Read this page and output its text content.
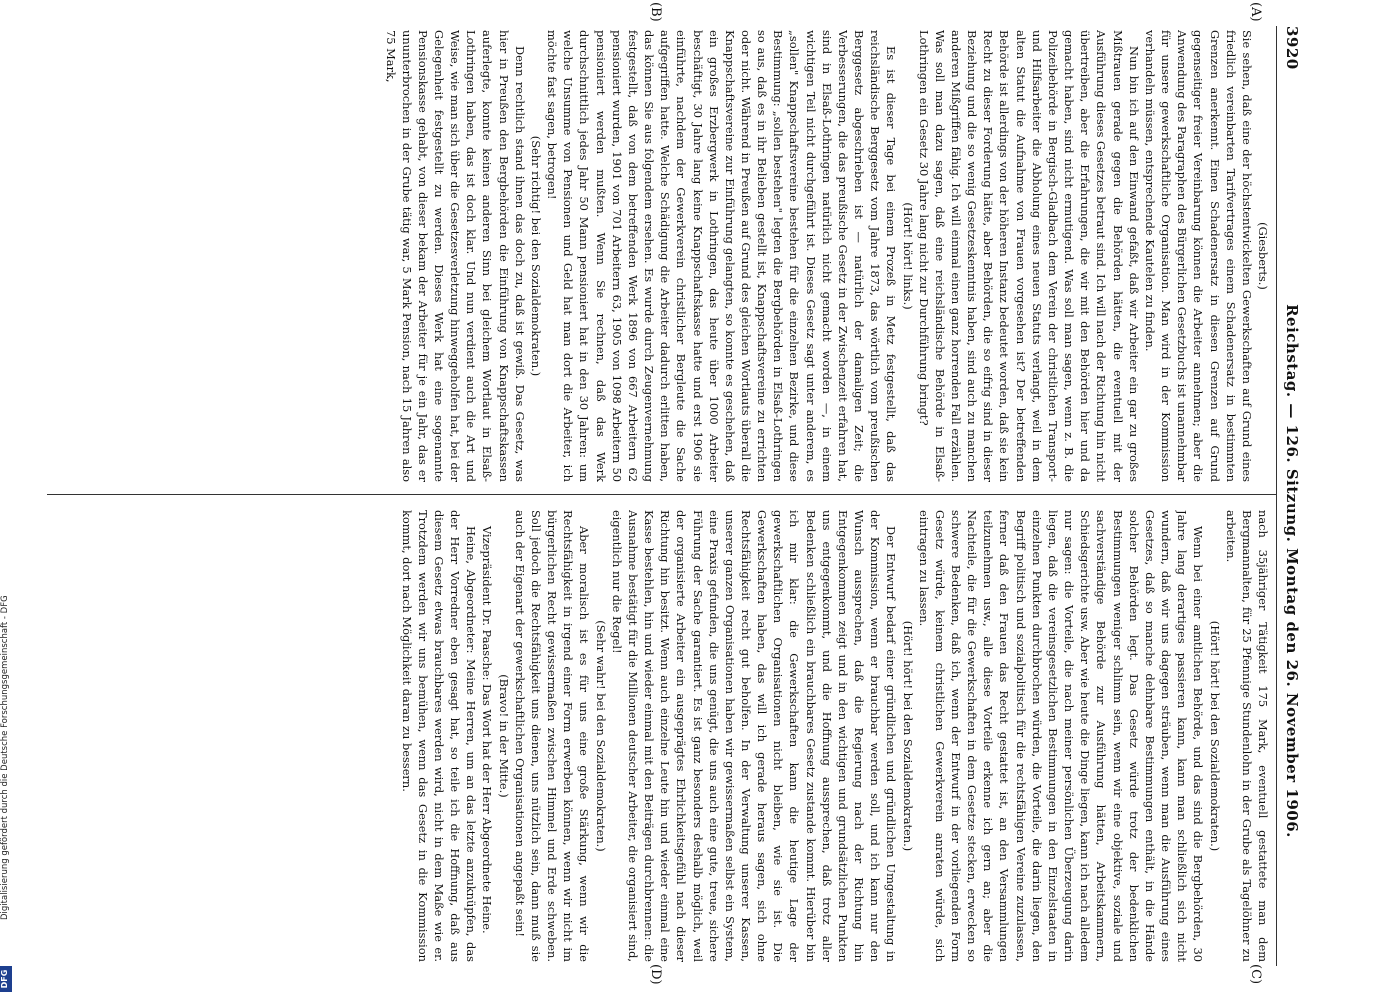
3920
Reichstag. — 126. Sitzung. Montag den 26. November 1906.
(A)
(B)
(C)
(D)

(Giesberts.)

Sie sehen, daß eine der höchstentwickelten Gewerkschaften auf Grund eines friedlich vereinbarten Tarifvertrages einem Schadenersatz in bestimmten Grenzen anerkennt. Einen Schadenersatz in diesen Grenzen auf Grund gegenseitiger freier Vereinbarung können die Arbeiter annehmen; aber die Anwendung des Paragraphen des Bürgerlichen Gesetzbuchs ist unannehmbar für unsere gewerkschaftliche Organisation. Man wird in der Kommission verhandeln müssen, entsprechende Kautelen zu finden.

Nun bin ich auf den Einwand gefaßt, daß wir Arbeiter ein gar zu großes Mißtrauen gerade gegen die Behörden hätten, die eventuell mit der Ausführung dieses Gesetzes betraut sind. Ich will nach der Richtung hin nicht übertreiben, aber die Erfahrungen, die wir mit den Behörden hier und da gemacht haben, sind nicht ermutigend. Was soll man sagen, wenn z. B. die Polizeibehörde in Bergisch-Gladbach dem Verein der christlichen Transport- und Hilfsarbeiter die Abholung eines neuen Statuts verlangt, weil in dem alten Statut die Aufnahme von Frauen vorgesehen ist? Der betreffenden Behörde ist allerdings von der höheren Instanz bedeutet worden, daß sie kein Recht zu dieser Forderung hätte, aber Behörden, die so eifrig sind in dieser Beziehung und die so wenig Gesetzeskenntnis haben, sind auch zu manchen anderen Mißgriffen fähig. Ich will einmal einen ganz horrenden Fall erzählen. Was soll man dazu sagen, daß eine reichsländische Behörde in Elsaß-Lothringen ein Gesetz 30 Jahre lang nicht zur Durchführung bringt?

(Hört! hört! links.)

Es ist dieser Tage bei einem Prozeß in Metz festgestellt, daß das reichsländische Berggesetz vom Jahre 1873, das wörtlich vom preußischen Berggesetz abgeschrieben ist — natürlich der damaligen Zeit; die Verbesserungen, die das preußische Gesetz in der Zwischenzeit erfahren hat, sind in Elsaß-Lothringen natürlich nicht gemacht worden —, in einem wichtigen Teil nicht durchgeführt ist. Dieses Gesetz sagt unter anderem, es „sollen" Knappschaftsvereine bestehen für die einzelnen Bezirke, und diese Bestimmung: „sollen bestehen" legten die Bergbehörden in Elsaß-Lothringen so aus, daß es in ihr Belieben gestellt ist, Knappschaftsvereine zu errichten oder nicht. Während in Preußen auf Grund des gleichen Wortlauts überall die Knappschaftsvereine zur Einführung gelangten, so konnte es geschehen, daß ein großes Erzbergwerk in Lothringen, das heute über 1000 Arbeiter beschäftigt, 30 Jahre lang keine Knappschaftskasse hatte und erst 1906 sie einführte, nachdem der Gewerkverein christlicher Bergleute die Sache aufgegriffen hatte. Welche Schädigung die Arbeiter dadurch erlitten haben, das können Sie aus folgendem ersehen. Es wurde durch Zeugenvernehmung festgestellt, daß von dem betreffenden Werk 1896 von 667 Arbeitern 62 pensioniert wurden, 1901 von 701 Arbeitern 63, 1905 von 1098 Arbeitern 50 pensioniert werden mußten. Wenn Sie rechnen, daß das Werk durchschnittlich jedes Jahr 50 Mann pensioniert hat in den 30 Jahren: um welche Unsumme von Pensionen und Geld hat man dort die Arbeiter, ich möchte fast sagen, betrogen!

(Sehr richtig! bei den Sozialdemokraten.)

Denn rechtlich stand ihnen das doch zu, daß ist gewiß. Das Gesetz, was hier in Preußen den Bergbehörden die Einführung von Knappschaftskassen auferlegte, konnte keinen anderen Sinn bei gleichem Wortlaut in Elsaß-Lothringen haben, das ist doch klar. Und nun verdient auch die Art und Weise, wie man sich über die Gesetzesverletzung hinweggeholfen hat, bei der Gelegenheit festgestellt zu werden. Dieses Werk hat eine sogenannte Pensionskasse gehabt, von dieser bekam der Arbeiter für je ein Jahr, das er ununterbrochen in der Grube tätig war, 5 Mark Pension, nach 15 Jahren also 75 Mark,

nach 35jähriger Tätigkeit 175 Mark, eventuell gestattete man dem Bergmannalten, für 25 Pfennige Stundenlohn in der Grube als Tagelöhner zu arbeiten.

(Hört! hört! bei den Sozialdemokraten.)

Wenn bei einer amtlichen Behörde, und das sind die Bergbehörden, 30 Jahre lang derartiges passieren kann, kann man schließlich sich nicht wundern, daß wir uns dagegen sträuben, wenn man die Ausführung eines Gesetzes, daß so manche dehnbare Bestimmungen enthält, in die Hände solcher Behörden legt. Das Gesetz würde trotz der bedenklichen Bestimmungen weniger schlimm sein, wenn wir eine objektive, soziale und sachverständige Behörde zur Ausführung hätten, Arbeitskammern, Schiedsgerichte usw. Aber wie heute die Dinge liegen, kann ich nach alledem nur sagen: die Vorteile, die nach meiner persönlichen Überzeugung darin liegen, daß die vereinsgesetzlichen Bestimmungen in den Einzelstaaten in einzelnen Punkten durchbrochen würden, die Vorteile, die darin liegen, den Begriff politisch und sozialpolitisch für die rechtsfähigen Vereine zuzulassen, ferner daß den Frauen das Recht gestattet ist, an den Versammlungen teilzunehmen usw., alle diese Vorteile erkenne ich gern an; aber die Nachteile, die für die Gewerkschaften in dem Gesetze stecken, erwecken so schwere Bedenken, daß ich, wenn der Entwurf in der vorliegenden Form Gesetz würde, keinem christlichen Gewerkverein anraten würde, sich eintragen zu lassen.

(Hört! hört! bei den Sozialdemokraten.)

Der Entwurf bedarf einer gründlichen und gründlichen Umgestaltung in der Kommission, wenn er brauchbar werden soll, und ich kann nur den Wunsch aussprechen, daß die Regierung nach der Richtung hin Entgegenkommen zeigt und in den wichtigen und grundsätzlichen Punkten uns entgegenkommt, und die Hoffnung aussprechen, daß trotz aller Bedenken schließlich ein brauchbares Gesetz zustande kommt. Hierüber bin ich mir klar: die Gewerkschaften kann die heutige Lage der gewerkschaftlichen Organisationen nicht bleiben, wie sie ist. Die Gewerkschaften haben, das will ich gerade heraus sagen, sich ohne Rechtsfähigkeit recht gut beholfen. In der Verwaltung unserer Kassen, unserer ganzen Organisationen haben wir gewissermaßen selbst ein System, eine Praxis gefunden, die uns genügt, die uns auch eine gute, treue, sichere Führung der Sache garantiert. Es ist ganz besonders deshalb möglich, weil der organisierte Arbeiter ein ausgeprägtes Ehrlichkeitsgefühl nach dieser Richtung hin besitzt. Wenn auch einzelne Leute hin und wieder einmal eine Kasse bestehlen, hin und wieder einmal mit den Beiträgen durchbrennen: die Ausnahme bestätigt für die Millionen deutscher Arbeiter, die organisiert sind, eigentlich nur die Regel!

(Sehr wahr! bei den Sozialdemokraten.)

Aber moralisch ist es für uns eine große Stärkung, wenn wir die Rechtsfähigkeit in irgend einer Form erwerben können, wenn wir nicht im bürgerlichen Recht gewissermaßen zwischen Himmel und Erde schweben. Soll jedoch die Rechtsfähigkeit uns dienen, uns nützlich sein, dann muß sie auch der Eigenart der gewerkschaftlichen Organisationen angepaßt sein!

(Bravo! in der Mitte.)

Vizepräsident Dr. Paasche: Das Wort hat der Herr Abgeordnete Heine.

Heine, Abgeordneter: Meine Herren, um an das letzte anzuknüpfen, das der Herr Vorredner eben gesagt hat, so teile ich die Hoffnung, daß aus diesem Gesetz etwas brauchbares werden wird, nicht in dem Maße wie er. Trotzdem werden wir uns bemühen, wenn das Gesetz in die Kommission kommt, dort nach Möglichkeit daran zu bessern.

Digitalisierung gefördert durch die Deutsche Forschungsgemeinschaft - DFG
DFG
